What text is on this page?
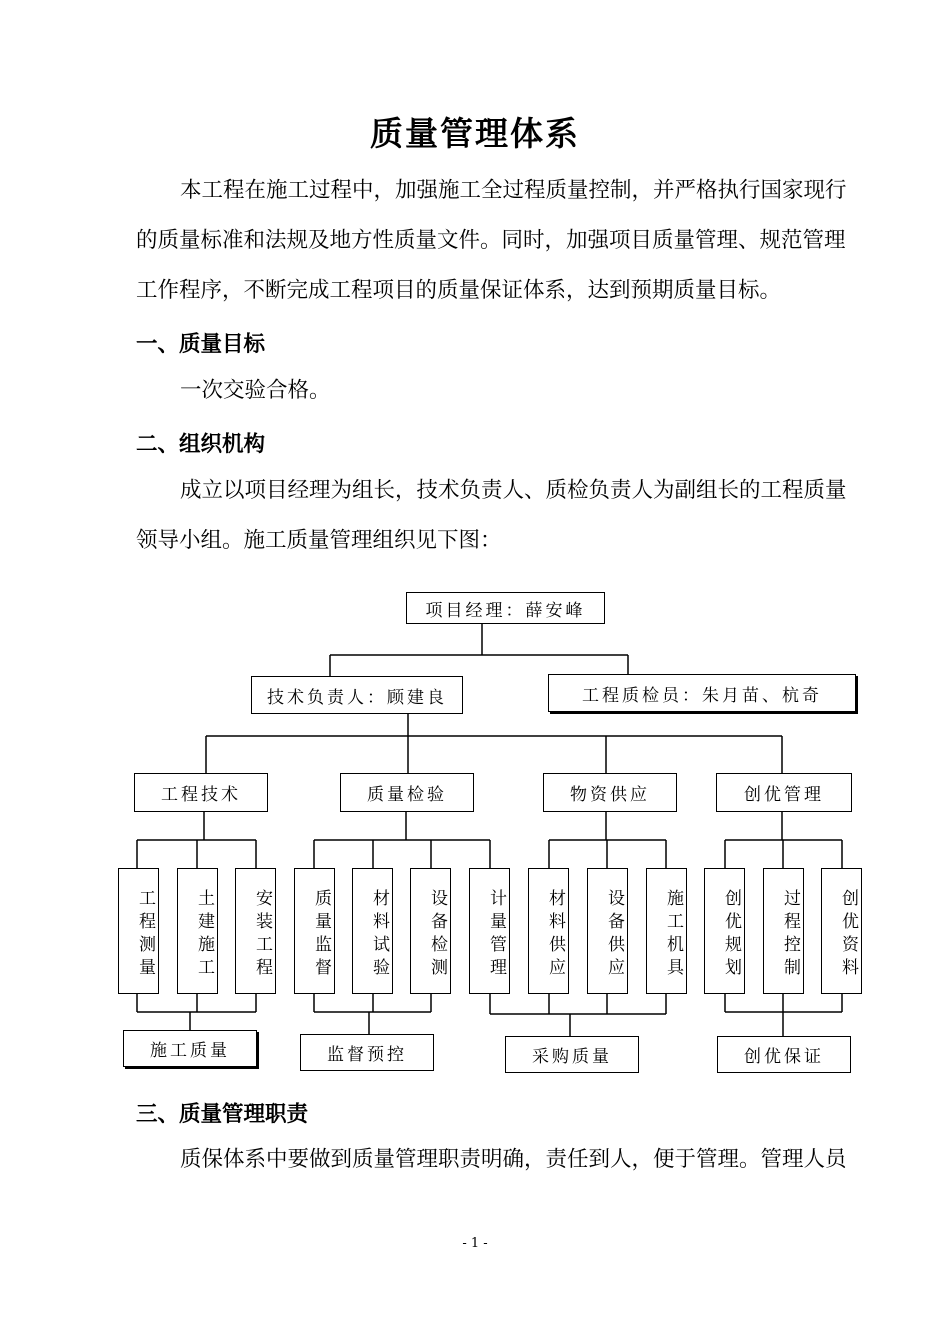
质量管理体系
本工程在施工过程中，加强施工全过程质量控制，并严格执行国家现行
的质量标准和法规及地方性质量文件。同时，加强项目质量管理、规范管理
工作程序，不断完成工程项目的质量保证体系，达到预期质量目标。
一、质量目标
一次交验合格。
二、组织机构
成立以项目经理为组长，技术负责人、质检负责人为副组长的工程质量
领导小组。施工质量管理组织见下图：
项目经理：薛安峰
技术负责人：顾建良	工程质检员：朱月苗、杭奇
工程技术	质量检验	物资供应	创优管理
工程测量	土建施工	安装工程	质量监督	材料试验	设备检测	计量管理	材料供应	设备供应	施工机具	创优规划	过程控制	创优资料
施工质量	监督预控	采购质量	创优保证
三、质量管理职责
质保体系中要做到质量管理职责明确，责任到人，便于管理。管理人员
- 1 -
